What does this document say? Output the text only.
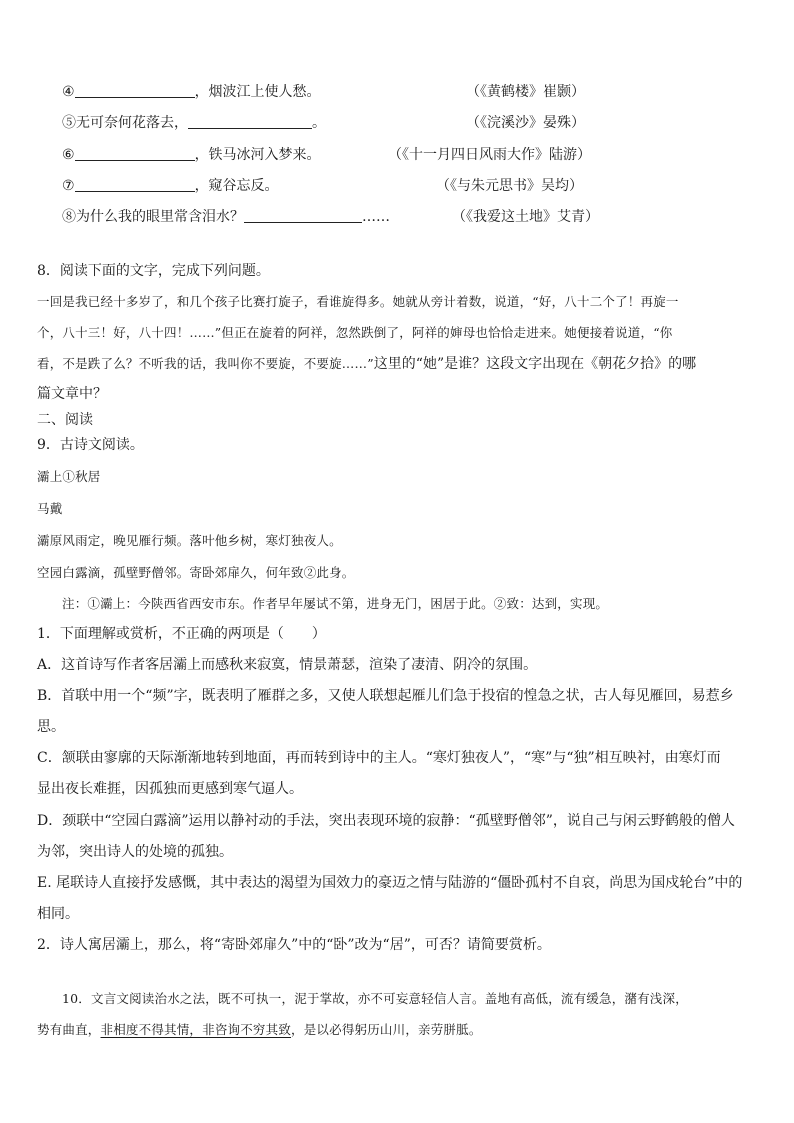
④	，烟波江上使人愁。	（《黄鹤楼》崔颢）
⑤无可奈何花落去，	。	（《浣溪沙》晏殊）
⑥	，铁马冰河入梦来。	（《十一月四日风雨大作》陆游）
⑦	，窥谷忘反。	（《与朱元思书》吴均）
⑧为什么我的眼里常含泪水？	……	（《我爱这土地》艾青）
8．阅读下面的文字，完成下列问题。
一回是我已经十多岁了，和几个孩子比赛打旋子，看谁旋得多。她就从旁计着数，说道，“好，八十二个了！再旋一
个，八十三！好，八十四！……”但正在旋着的阿祥，忽然跌倒了，阿祥的婶母也恰恰走进来。她便接着说道，“你
看，不是跌了么？不听我的话，我叫你不要旋，不要旋……”这里的“她”是谁？这段文字出现在《朝花夕拾》的哪
篇文章中？
二、阅读
9．古诗文阅读。
灞上①秋居
马戴
灞原风雨定，晚见雁行频。落叶他乡树，寒灯独夜人。
空园白露滴，孤壁野僧邻。寄卧郊扉久，何年致②此身。
注：①灞上：今陕西省西安市东。作者早年屡试不第，进身无门，困居于此。②致：达到，实现。
1．下面理解或赏析，不正确的两项是（　　）
A．这首诗写作者客居灞上而感秋来寂寞，情景萧瑟，渲染了凄清、阴冷的氛围。
B．首联中用一个“频”字，既表明了雁群之多，又使人联想起雁儿们急于投宿的惶急之状，古人每见雁回，易惹乡
思。
C．颔联由寥廓的天际渐渐地转到地面，再而转到诗中的主人。“寒灯独夜人”，“寒”与“独”相互映衬，由寒灯而
显出夜长难捱，因孤独而更感到寒气逼人。
D．颈联中“空园白露滴”运用以静衬动的手法，突出表现环境的寂静：“孤壁野僧邻”，说自己与闲云野鹤般的僧人
为邻，突出诗人的处境的孤独。
E. 尾联诗人直接抒发感慨，其中表达的渴望为国效力的豪迈之情与陆游的“僵卧孤村不自哀，尚思为国戍轮台”中的
相同。
2．诗人寓居灞上，那么，将“寄卧郊扉久”中的“卧”改为“居”，可否？请简要赏析。
10．文言文阅读治水之法，既不可执一，泥于掌故，亦不可妄意轻信人言。盖地有高低，流有缓急，潴有浅深，
势有曲直，非相度不得其情，非咨询不穷其致，是以必得躬历山川，亲劳胼胝。
